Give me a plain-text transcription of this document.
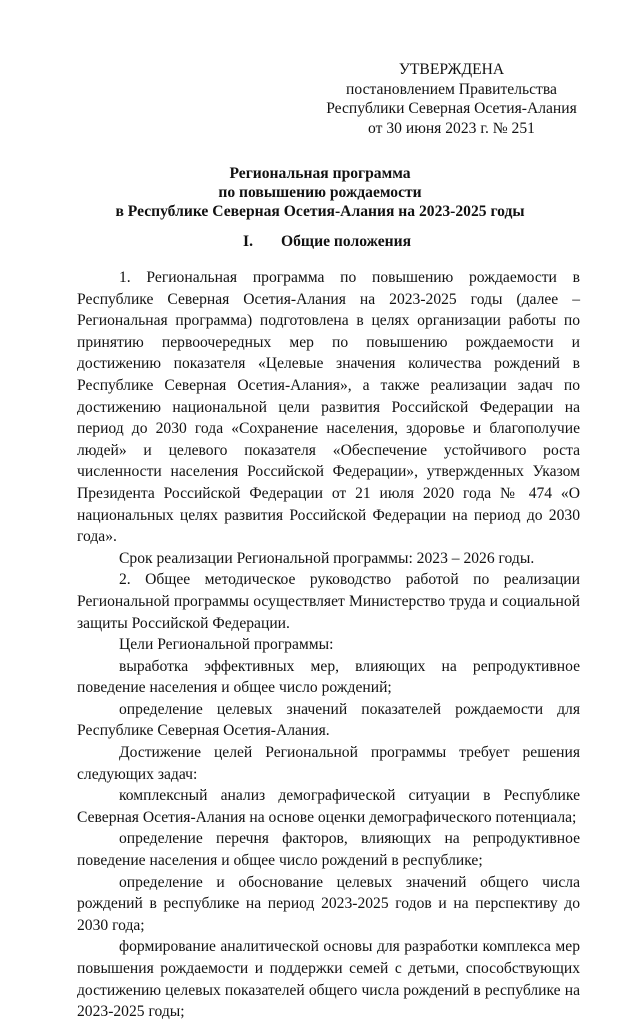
УТВЕРЖДЕНА
постановлением Правительства
Республики Северная Осетия-Алания
от 30 июня 2023 г. № 251
Региональная программа
по повышению рождаемости
в Республике Северная Осетия-Алания на 2023-2025 годы
I. Общие положения

1. Региональная программа по повышению рождаемости в Республике Северная Осетия-Алания на 2023-2025 годы (далее – Региональная программа) подготовлена в целях организации работы по принятию первоочередных мер по повышению рождаемости и достижению показателя «Целевые значения количества рождений в Республике Северная Осетия-Алания», а также реализации задач по достижению национальной цели развития Российской Федерации на период до 2030 года «Сохранение населения, здоровье и благополучие людей» и целевого показателя «Обеспечение устойчивого роста численности населения Российской Федерации», утвержденных Указом Президента Российской Федерации от 21 июля 2020 года № 474 «О национальных целях развития Российской Федерации на период до 2030 года».

Срок реализации Региональной программы: 2023 – 2026 годы.

2. Общее методическое руководство работой по реализации Региональной программы осуществляет Министерство труда и социальной защиты Российской Федерации.

Цели Региональной программы:

выработка эффективных мер, влияющих на репродуктивное поведение населения и общее число рождений;

определение целевых значений показателей рождаемости для Республике Северная Осетия-Алания.

Достижение целей Региональной программы требует решения следующих задач:

комплексный анализ демографической ситуации в Республике Северная Осетия-Алания на основе оценки демографического потенциала;

определение перечня факторов, влияющих на репродуктивное поведение населения и общее число рождений в республике;

определение и обоснование целевых значений общего числа рождений в республике на период 2023-2025 годов и на перспективу до 2030 года;

формирование аналитической основы для разработки комплекса мер повышения рождаемости и поддержки семей с детьми, способствующих достижению целевых показателей общего числа рождений в республике на 2023-2025 годы;
